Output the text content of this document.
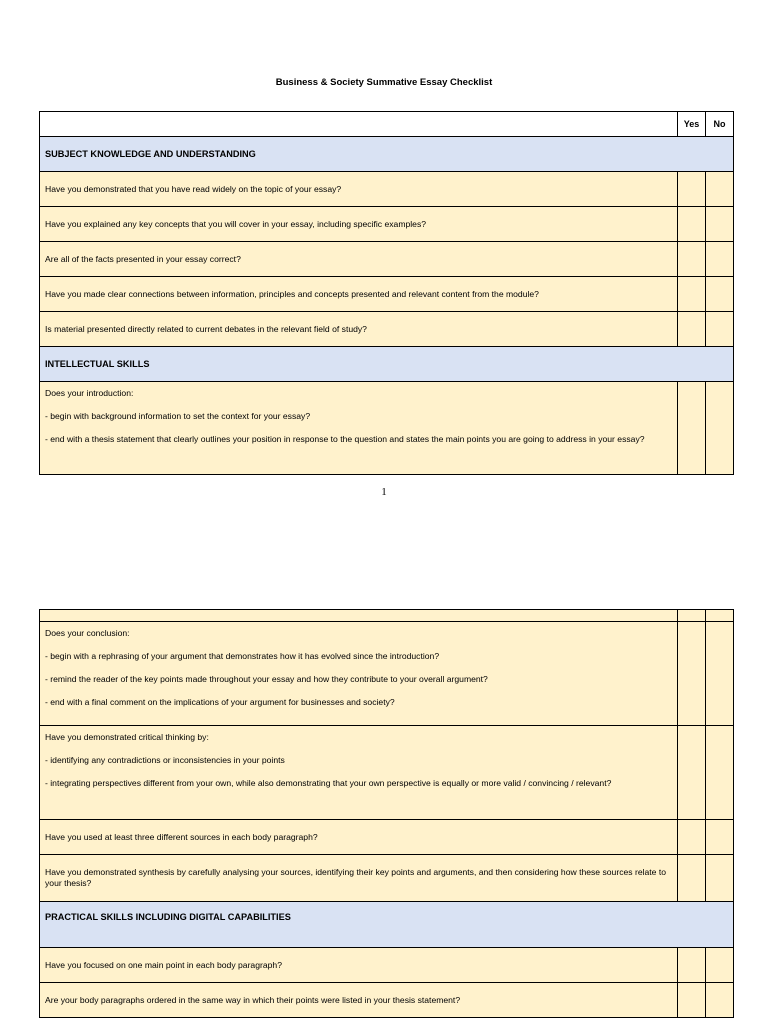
Business & Society Summative Essay Checklist
	Yes	No
SUBJECT KNOWLEDGE AND UNDERSTANDING		
Have you demonstrated that you have read widely on the topic of your essay?		
Have you explained any key concepts that you will cover in your essay, including specific examples?		
Are all of the facts presented in your essay correct?		
Have you made clear connections between information, principles and concepts presented and relevant content from the module?		
Is material presented directly related to current debates in the relevant field of study?		
INTELLECTUAL SKILLS		

Does your introduction:
- begin with background information to set the context for your essay?
- end with a thesis statement that clearly outlines your position in response to the question and states the main points you are going to address in your essay?		

1

Does your conclusion:
- begin with a rephrasing of your argument that demonstrates how it has evolved since the introduction?
- remind the reader of the key points made throughout your essay and how they contribute to your overall argument?
- end with a final comment on the implications of your argument for businesses and society?		

Have you demonstrated critical thinking by:
- identifying any contradictions or inconsistencies in your points
- integrating perspectives different from your own, while also demonstrating that your own perspective is equally or more valid / convincing / relevant?		

Have you used at least three different sources in each body paragraph?		
Have you demonstrated synthesis by carefully analysing your sources, identifying their key points and arguments, and then considering how these sources relate to your thesis?		
PRACTICAL SKILLS INCLUDING DIGITAL CAPABILITIES		
Have you focused on one main point in each body paragraph?		
Are your body paragraphs ordered in the same way in which their points were listed in your thesis statement?		
